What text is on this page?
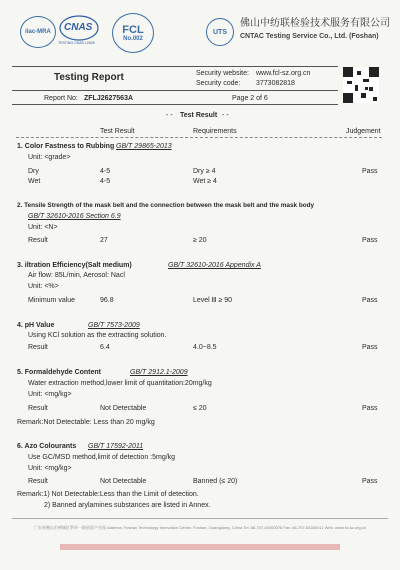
ilac-MRA CNAS
TESTING CNAS L2628
FCL
No.002
UTS
佛山中纺联检验技术服务有限公司
CNTAC Testing Service Co., Ltd. (Foshan)
Testing Report	Security website: www.fcl-sz.org.cn
Security code: 3773082818
Report No: ZFLJ2627563A	Page 2 of 6
- - Test Result - -
Test Result	Requirements	Judgement
1. Color Fastness to Rubbing GB/T 29865-2013
Unit: <grade>
Dry	4-5	Dry ≥ 4	Pass
Wet	4-5	Wet ≥ 4
2. Tensile Strength of the mask belt and the connection between the mask belt and the mask body
GB/T 32610-2016 Section 6.9
Unit: <N>
Result	27	≥ 20	Pass
3. iltration Efficiency(Salt medium)	GB/T 32610-2016 Appendix A
Air flow: 85L/min, Aerosol: Nacl
Unit: <%>
Minimum value	96.8	Level Ⅲ ≥ 90	Pass
4. pH Value	GB/T 7573-2009
Using KCl solution as the extracting solution.
Result	6.4	4.0~8.5	Pass
5. Formaldehyde Content	GB/T 2912.1-2009
Water extraction method,lower limit of quantitation:20mg/kg
Unit: <mg/kg>
Result	Not Detectable	≤ 20	Pass
Remark:Not Detectable: Less than 20 mg/kg
6. Azo Colourants GB/T 17592-2011
Use GC/MSD method,limit of detection :5mg/kg
Unit: <mg/kg>
Result	Not Detectable	Banned (≤ 20)	Pass
Remark:1) Not Detectable:Less than the Limit of detection.
2) Banned arylamines substances are listed in Annex.
广东省佛山市禅城区季华一路创意产业园 Address: Foshan Technology Innovation Center, Foshan, Guangdong, China Tel: 86-757-83300078 Fax: 86-757-83300011 Web: www.fcl-sz.org.cn
